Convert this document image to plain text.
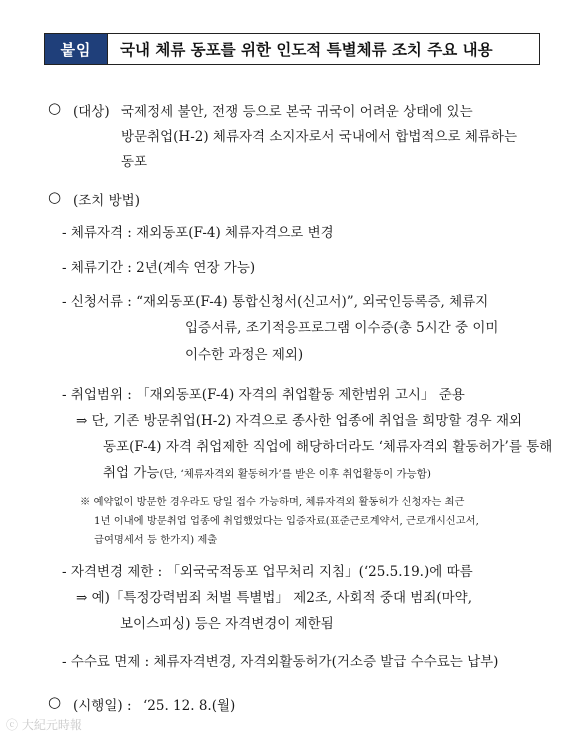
붙임	국내 체류 동포를 위한 인도적 특별체류 조치 주요 내용
○ (대상) 국제정세 불안, 전쟁 등으로 본국 귀국이 어려운 상태에 있는
방문취업(H-2) 체류자격 소지자로서 국내에서 합법적으로 체류하는
동포
○ (조치 방법)
- 체류자격 : 재외동포(F-4) 체류자격으로 변경
- 체류기간 : 2년(계속 연장 가능)
- 신청서류 : “재외동포(F-4) 통합신청서(신고서)”, 외국인등록증, 체류지
입증서류, 조기적응프로그램 이수증(총 5시간 중 이미
이수한 과정은 제외)
- 취업범위 : 「재외동포(F-4) 자격의 취업활동 제한범위 고시」 준용
⇒ 단, 기존 방문취업(H-2) 자격으로 종사한 업종에 취업을 희망할 경우 재외
동포(F-4) 자격 취업제한 직업에 해당하더라도 ‘체류자격외 활동허가’를 통해
취업 가능(단, ‘체류자격외 활동허가’를 받은 이후 취업활동이 가능함)
※ 예약없이 방문한 경우라도 당일 접수 가능하며, 체류자격외 활동허가 신청자는 최근
1년 이내에 방문취업 업종에 취업했었다는 입증자료(표준근로계약서, 근로개시신고서,
급여명세서 등 한가지) 제출
- 자격변경 제한 : 「외국국적동포 업무처리 지침」(‘25.5.19.)에 따름
⇒ 예)「특정강력범죄 처벌 특별법」 제2조, 사회적 중대 범죄(마약,
보이스피싱) 등은 자격변경이 제한됨
- 수수료 면제 : 체류자격변경, 자격외활동허가(거소증 발급 수수료는 납부)
○ (시행일) : ‘25. 12. 8.(월)
ⓒ 大紀元時報
